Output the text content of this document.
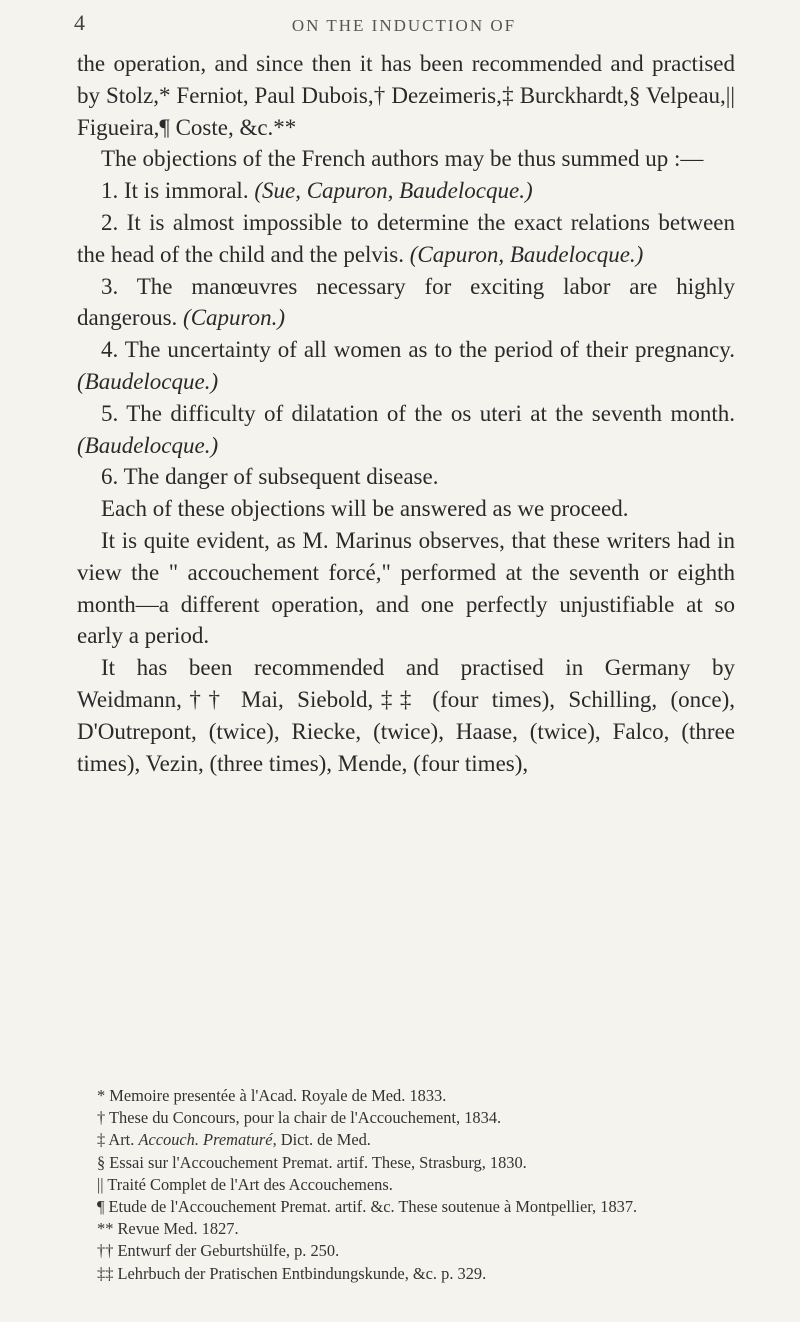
4	ON THE INDUCTION OF

the operation, and since then it has been recommended and practised by Stolz,* Ferniot, Paul Dubois,† Dezeimeris,‡ Burckhardt,§ Velpeau,|| Figueira,¶ Coste, &c.**

The objections of the French authors may be thus summed up :—

1. It is immoral. (Sue, Capuron, Baudelocque.)

2. It is almost impossible to determine the exact relations between the head of the child and the pelvis. (Capuron, Baudelocque.)

3. The manœuvres necessary for exciting labor are highly dangerous. (Capuron.)

4. The uncertainty of all women as to the period of their pregnancy. (Baudelocque.)

5. The difficulty of dilatation of the os uteri at the seventh month. (Baudelocque.)

6. The danger of subsequent disease.

Each of these objections will be answered as we proceed.

It is quite evident, as M. Marinus observes, that these writers had in view the " accouchement forcé," performed at the seventh or eighth month—a different operation, and one perfectly unjustifiable at so early a period.

It has been recommended and practised in Germany by Weidmann,†† Mai, Siebold,‡‡ (four times), Schilling, (once), D'Outrepont, (twice), Riecke, (twice), Haase, (twice), Falco, (three times), Vezin, (three times), Mende, (four times),

* Memoire presentée à l'Acad. Royale de Med. 1833.

† These du Concours, pour la chair de l'Accouchement, 1834.

‡ Art. Accouch. Prematuré, Dict. de Med.

§ Essai sur l'Accouchement Premat. artif. These, Strasburg, 1830.

|| Traité Complet de l'Art des Accouchemens.

¶ Etude de l'Accouchement Premat. artif. &c. These soutenue à Montpellier, 1837.

** Revue Med. 1827.

†† Entwurf der Geburtshülfe, p. 250.

‡‡ Lehrbuch der Pratischen Entbindungskunde, &c. p. 329.
